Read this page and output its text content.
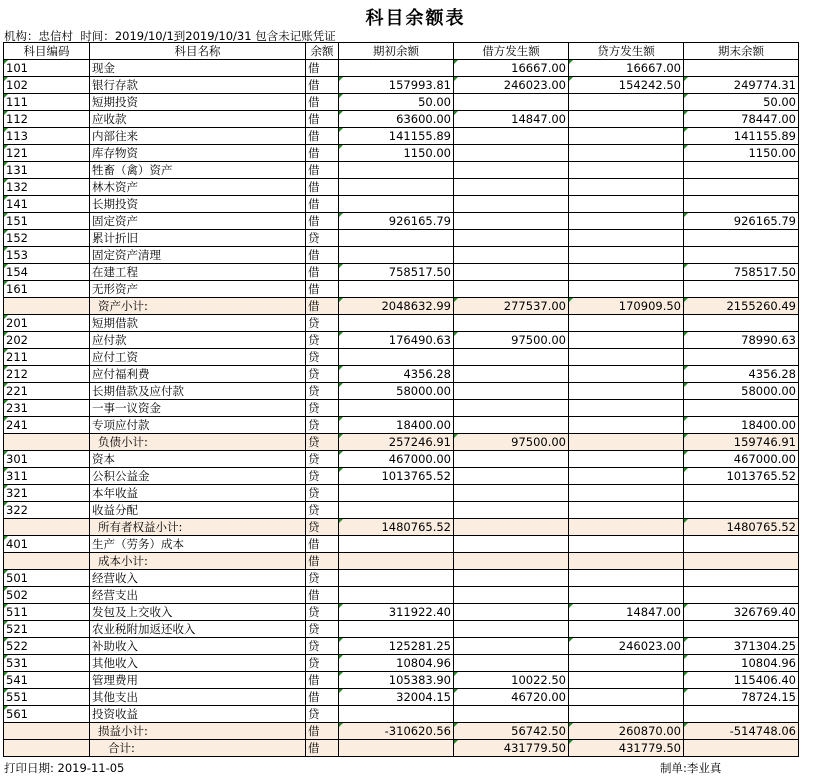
科目余额表
机构：忠信村 时间：2019/10/1到2019/10/31 包含未记账凭证
科目编码	科目名称	余额	期初余额	借方发生额	贷方发生额	期末余额
101	现金	借		16667.00	16667.00	
102	银行存款	借	157993.81	246023.00	154242.50	249774.31
111	短期投资	借	50.00			50.00
112	应收款	借	63600.00	14847.00		78447.00
113	内部往来	借	141155.89			141155.89
121	库存物资	借	1150.00			1150.00
131	牲畜（禽）资产	借				
132	林木资产	借				
141	长期投资	借				
151	固定资产	借	926165.79			926165.79
152	累计折旧	贷				
153	固定资产清理	借				
154	在建工程	借	758517.50			758517.50
161	无形资产	借				
	资产小计:	借	2048632.99	277537.00	170909.50	2155260.49
201	短期借款	贷				
202	应付款	贷	176490.63	97500.00		78990.63
211	应付工资	贷				
212	应付福利费	贷	4356.28			4356.28
221	长期借款及应付款	贷	58000.00			58000.00
231	一事一议资金	贷				
241	专项应付款	贷	18400.00			18400.00
	负债小计:	贷	257246.91	97500.00		159746.91
301	资本	贷	467000.00			467000.00
311	公积公益金	贷	1013765.52			1013765.52
321	本年收益	贷				
322	收益分配	贷				
	所有者权益小计:	贷	1480765.52			1480765.52
401	生产（劳务）成本	借				
	成本小计:	借				
501	经营收入	贷				
502	经营支出	借				
511	发包及上交收入	贷	311922.40		14847.00	326769.40
521	农业税附加返还收入	贷				
522	补助收入	贷	125281.25		246023.00	371304.25
531	其他收入	贷	10804.96			10804.96
541	管理费用	借	105383.90	10022.50		115406.40
551	其他支出	借	32004.15	46720.00		78724.15
561	投资收益	贷				
	损益小计:	借	-310620.56	56742.50	260870.00	-514748.06
	合计:	借		431779.50	431779.50	
打印日期: 2019-11-05	制单:李业真
